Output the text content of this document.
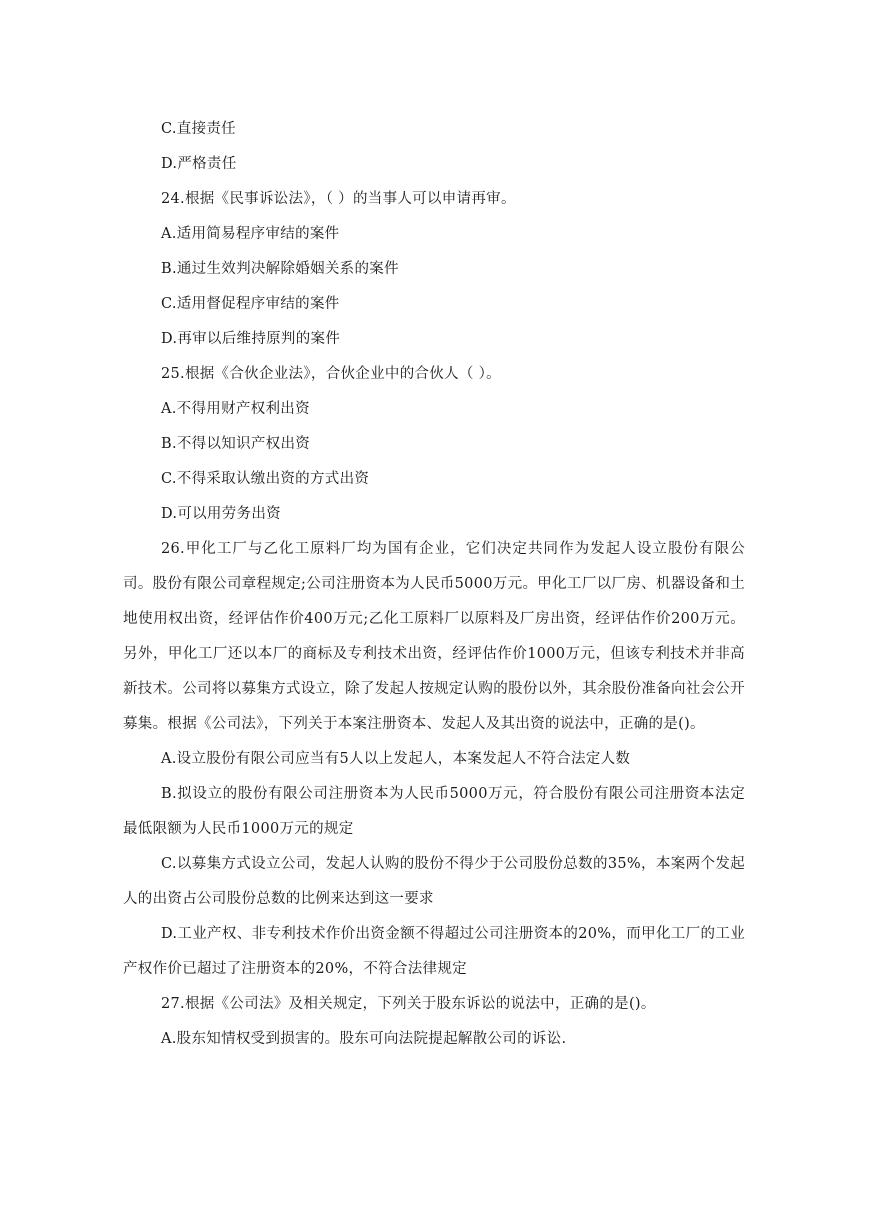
C.直接责任
D.严格责任
24.根据《民事诉讼法》，（ ）的当事人可以申请再审。
A.适用简易程序审结的案件
B.通过生效判决解除婚姻关系的案件
C.适用督促程序审结的案件
D.再审以后维持原判的案件
25.根据《合伙企业法》，合伙企业中的合伙人（ ）。
A.不得用财产权利出资
B.不得以知识产权出资
C.不得采取认缴出资的方式出资
D.可以用劳务出资
26.甲化工厂与乙化工原料厂均为国有企业，它们决定共同作为发起人设立股份有限公司。股份有限公司章程规定;公司注册资本为人民币5000万元。甲化工厂以厂房、机器设备和土地使用权出资，经评估作价400万元;乙化工原料厂以原料及厂房出资，经评估作价200万元。另外，甲化工厂还以本厂的商标及专利技术出资，经评估作价1000万元，但该专利技术并非高新技术。公司将以募集方式设立，除了发起人按规定认购的股份以外，其余股份准备向社会公开募集。根据《公司法》，下列关于本案注册资本、发起人及其出资的说法中，正确的是()。
A.设立股份有限公司应当有5人以上发起人，本案发起人不符合法定人数
B.拟设立的股份有限公司注册资本为人民币5000万元，符合股份有限公司注册资本法定最低限额为人民币1000万元的规定
C.以募集方式设立公司，发起人认购的股份不得少于公司股份总数的35%，本案两个发起人的出资占公司股份总数的比例来达到这一要求
D.工业产权、非专利技术作价出资金额不得超过公司注册资本的20%，而甲化工厂的工业产权作价已超过了注册资本的20%，不符合法律规定
27.根据《公司法》及相关规定，下列关于股东诉讼的说法中，正确的是()。
A.股东知情权受到损害的。股东可向法院提起解散公司的诉讼.
